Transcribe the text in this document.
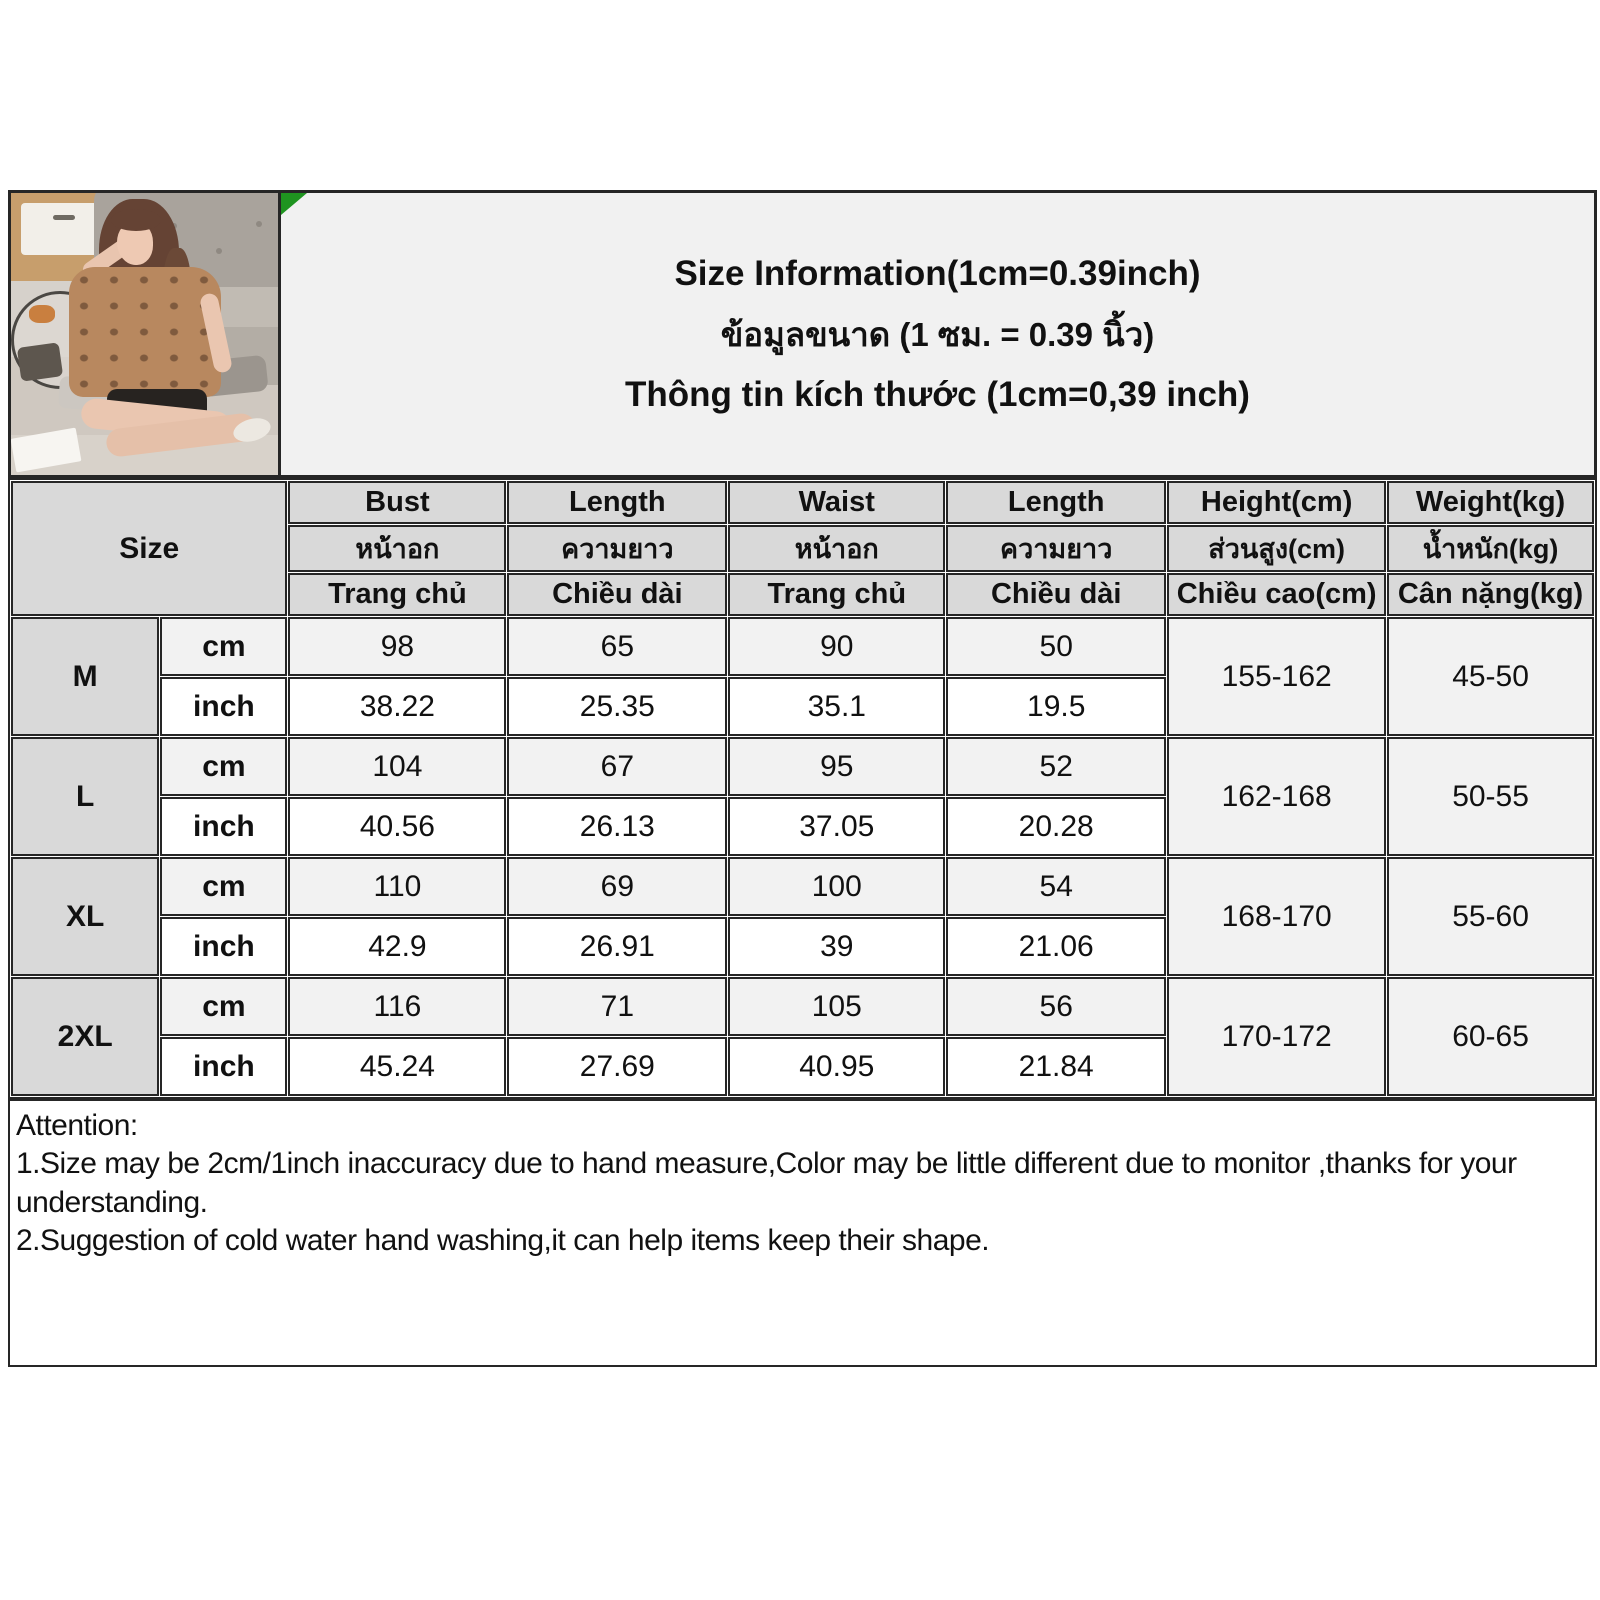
Size Information(1cm=0.39inch)
ข้อมูลขนาด (1 ซม. = 0.39 นิ้ว)
Thông tin kích thước (1cm=0,39 inch)
Size		Bust	Length	Waist	Length	Height(cm)	Weight(kg)
		หน้าอก	ความยาว	หน้าอก	ความยาว	ส่วนสูง(cm)	น้ำหนัก(kg)
		Trang chủ	Chiều dài	Trang chủ	Chiều dài	Chiều cao(cm)	Cân nặng(kg)
M	cm	98	65	90	50	155-162	45-50
	inch	38.22	25.35	35.1	19.5		
L	cm	104	67	95	52	162-168	50-55
	inch	40.56	26.13	37.05	20.28		
XL	cm	110	69	100	54	168-170	55-60
	inch	42.9	26.91	39	21.06		
2XL	cm	116	71	105	56	170-172	60-65
	inch	45.24	27.69	40.95	21.84		
Attention:
1.Size may be 2cm/1inch inaccuracy due to hand measure,Color may be little different due to monitor ,thanks for your understanding.
2.Suggestion of cold water hand washing,it can help items keep their shape.
